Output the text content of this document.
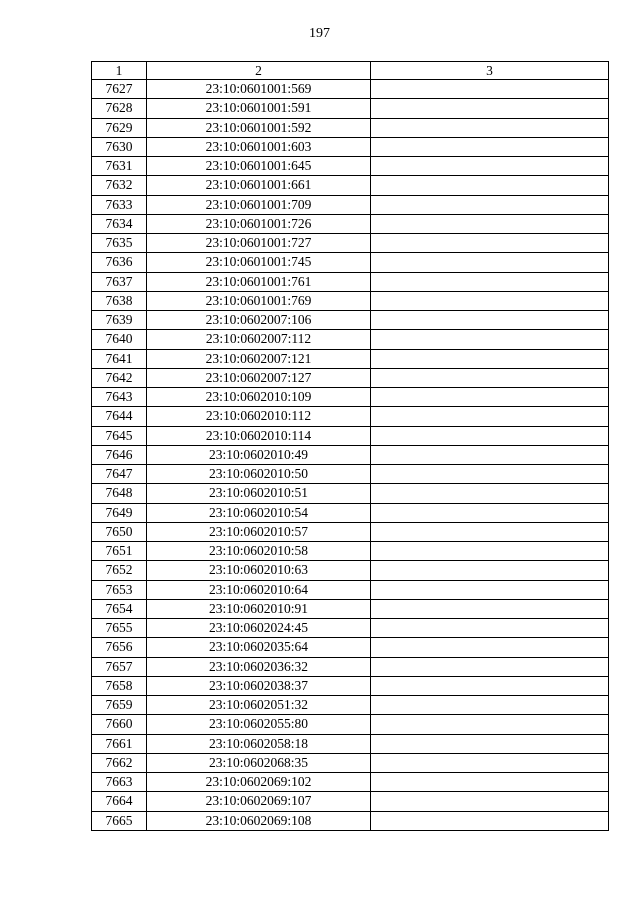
197
1	2	3
7627	23:10:0601001:569	
7628	23:10:0601001:591	
7629	23:10:0601001:592	
7630	23:10:0601001:603	
7631	23:10:0601001:645	
7632	23:10:0601001:661	
7633	23:10:0601001:709	
7634	23:10:0601001:726	
7635	23:10:0601001:727	
7636	23:10:0601001:745	
7637	23:10:0601001:761	
7638	23:10:0601001:769	
7639	23:10:0602007:106	
7640	23:10:0602007:112	
7641	23:10:0602007:121	
7642	23:10:0602007:127	
7643	23:10:0602010:109	
7644	23:10:0602010:112	
7645	23:10:0602010:114	
7646	23:10:0602010:49	
7647	23:10:0602010:50	
7648	23:10:0602010:51	
7649	23:10:0602010:54	
7650	23:10:0602010:57	
7651	23:10:0602010:58	
7652	23:10:0602010:63	
7653	23:10:0602010:64	
7654	23:10:0602010:91	
7655	23:10:0602024:45	
7656	23:10:0602035:64	
7657	23:10:0602036:32	
7658	23:10:0602038:37	
7659	23:10:0602051:32	
7660	23:10:0602055:80	
7661	23:10:0602058:18	
7662	23:10:0602068:35	
7663	23:10:0602069:102	
7664	23:10:0602069:107	
7665	23:10:0602069:108	
